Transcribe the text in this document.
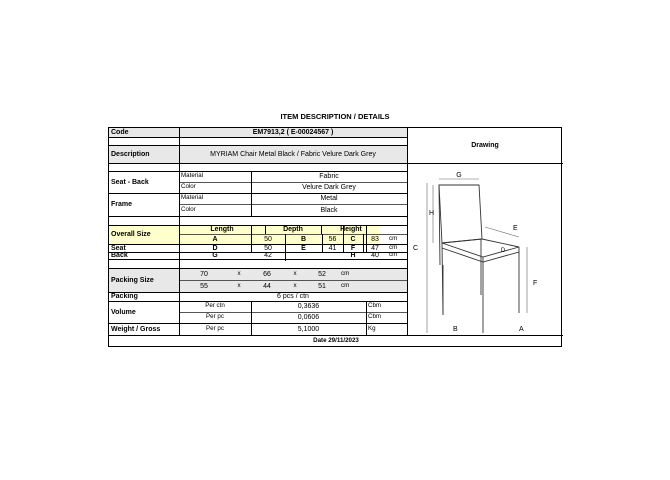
ITEM DESCRIPTION / DETAILS
Code	EM7913,2 ( E-00024567 )
Description	MYRIAM Chair Metal Black / Fabric Velure Dark Grey
Drawing
Seat - Back
Material	Fabric
Color	Velure Dark Grey
Frame
Material	Metal
Color	Black
Overall Size
Length	Depth	Height
A	50	B	56	C	83	cm
Seat	D	50	E	41	F	47	cm
Back	G	42	H	40	cm
Packing Size
70	x	66	x	52	cm
55	x	44	x	51	cm
Packing	6 pcs / ctn
Volume
Per ctn	0,3636	Cbm
Per pc	0,0606	Cbm
Weight / Gross	Per pc	5,1000	Kg
Date 29/11/2023
G
H
C	D
E
F
A
B
